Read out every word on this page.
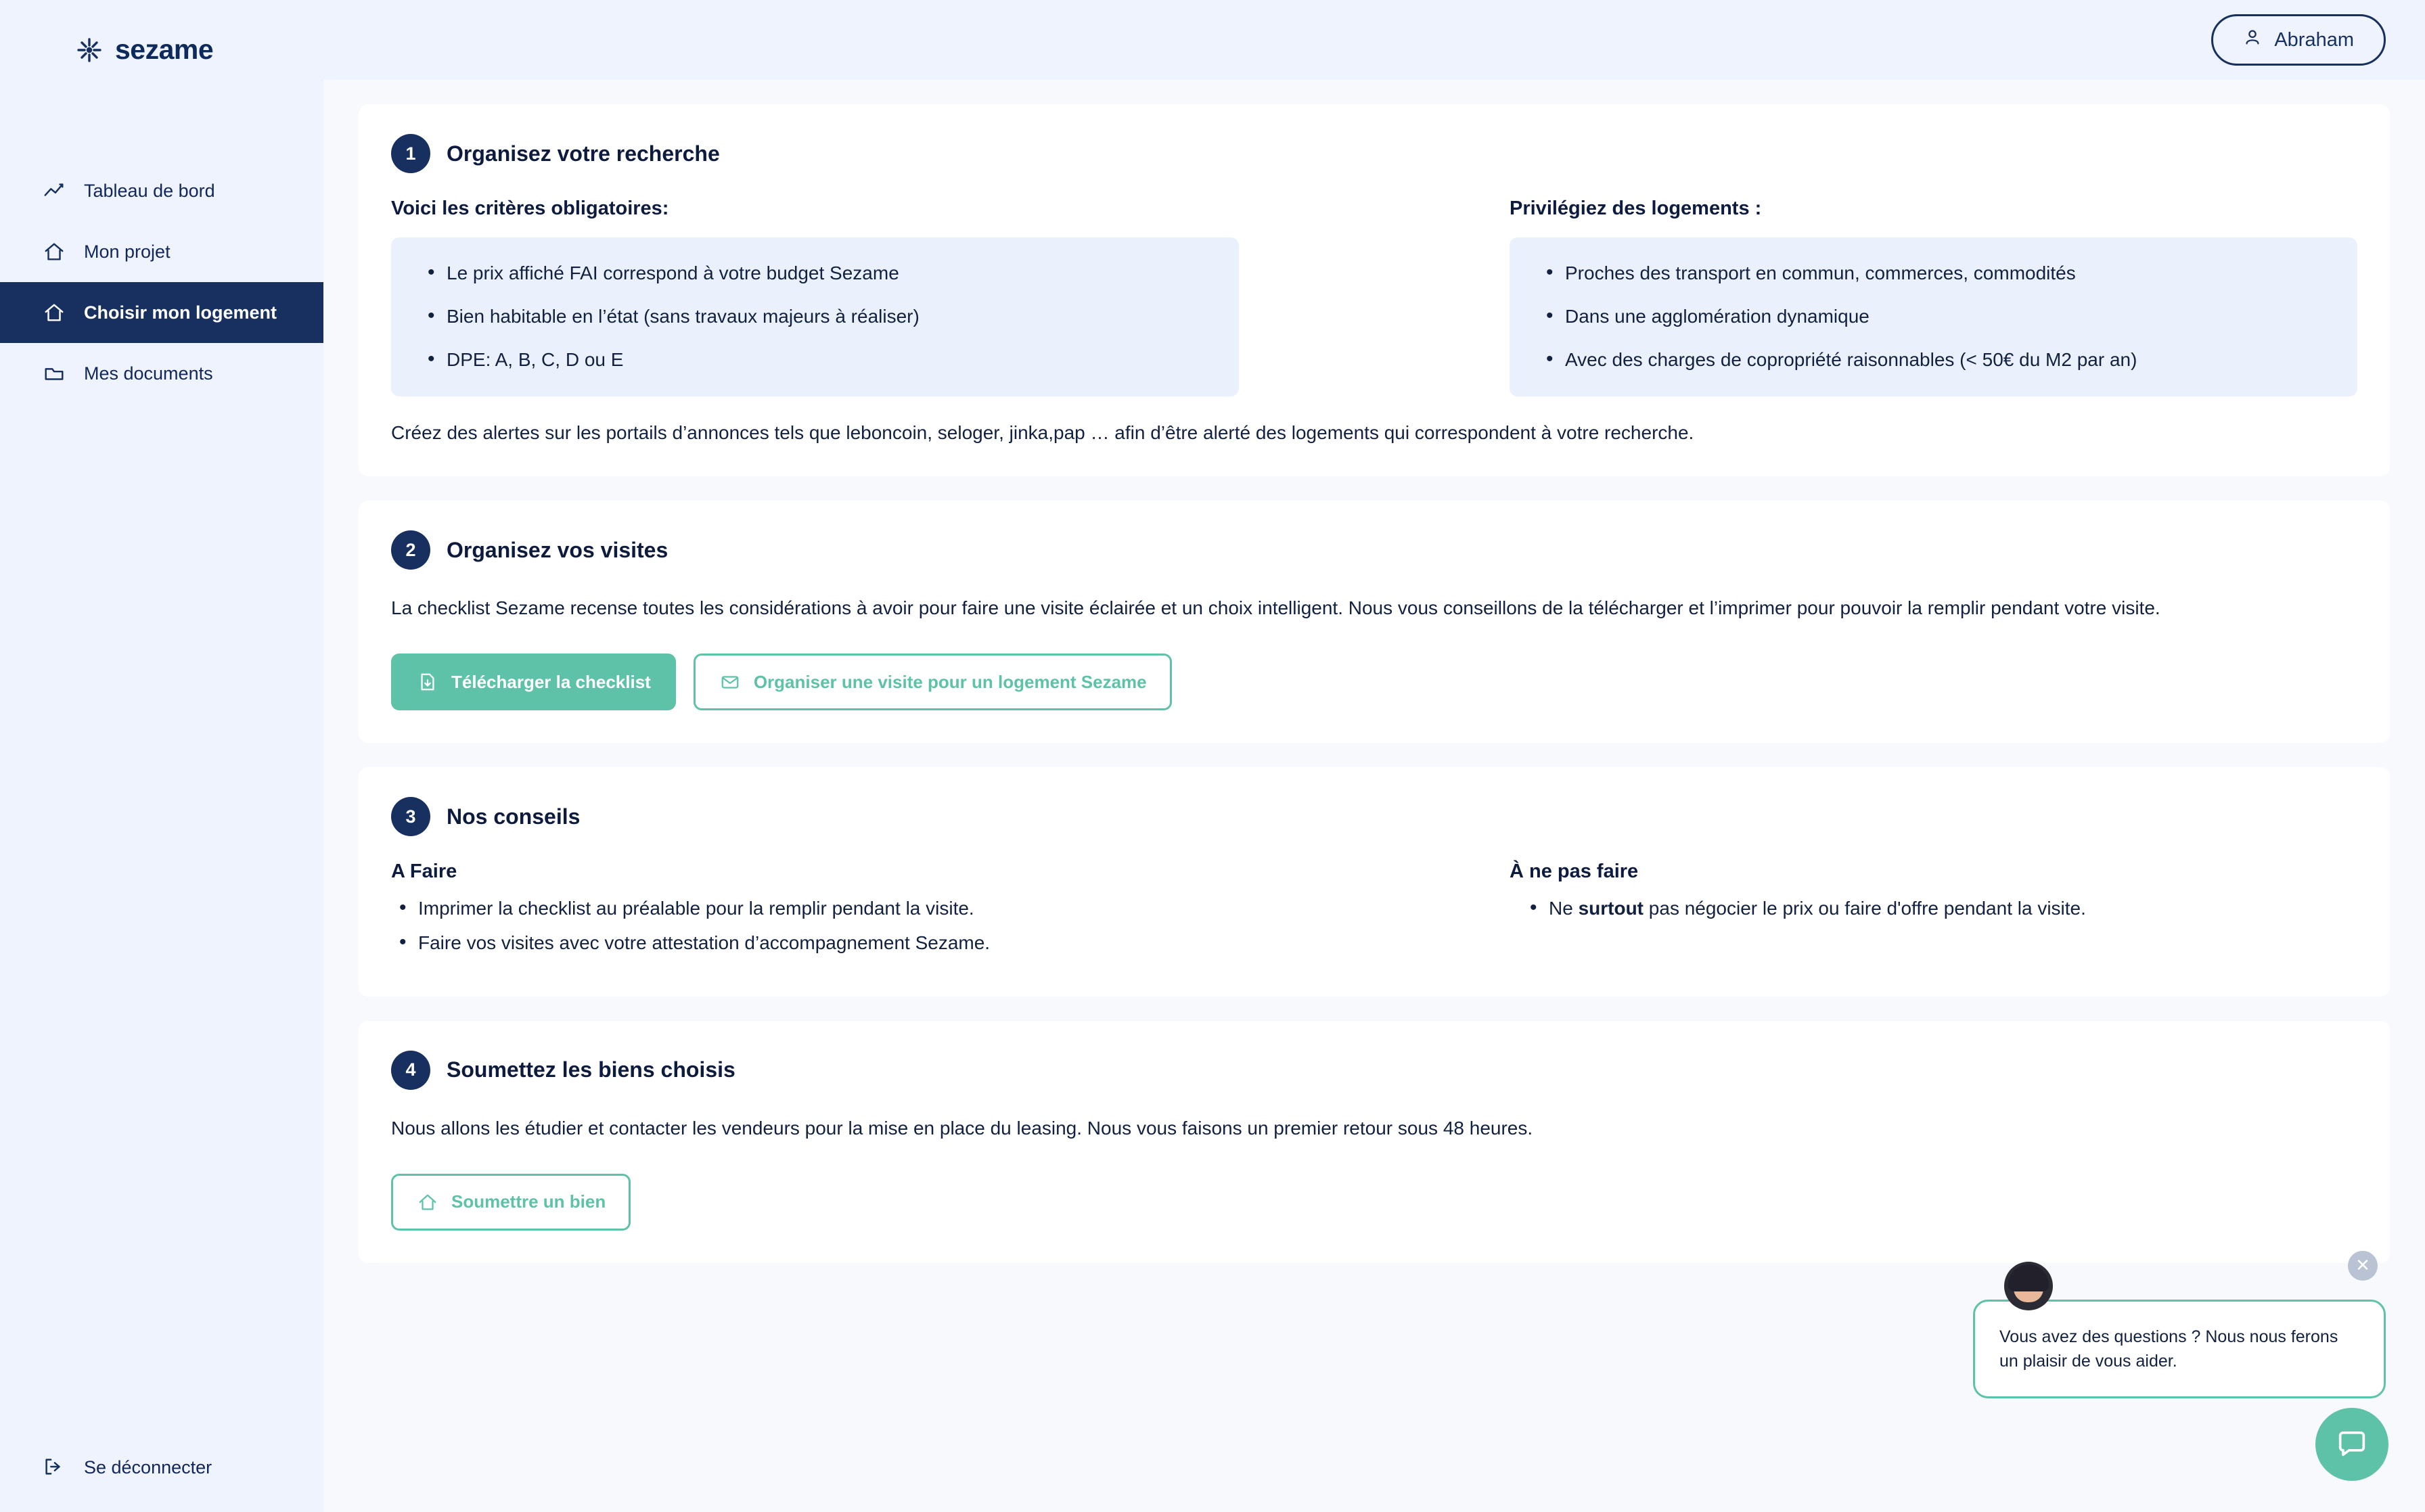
sezame
Tableau de bord
Mon projet
Choisir mon logement
Mes documents
Se déconnecter
Abraham
1	Organisez votre recherche
Voici les critères obligatoires:
• Le prix affiché FAI correspond à votre budget Sezame
• Bien habitable en l’état (sans travaux majeurs à réaliser)
• DPE: A, B, C, D ou E
Privilégiez des logements :
• Proches des transport en commun, commerces, commodités
• Dans une agglomération dynamique
• Avec des charges de copropriété raisonnables (< 50€ du M2 par an)
Créez des alertes sur les portails d’annonces tels que leboncoin, seloger, jinka,pap … afin d’être alerté des logements qui correspondent à votre recherche.
2	Organisez vos visites
La checklist Sezame recense toutes les considérations à avoir pour faire une visite éclairée et un choix intelligent. Nous vous conseillons de la télécharger et l’imprimer pour pouvoir la remplir pendant votre visite.
Télécharger la checklist	Organiser une visite pour un logement Sezame
3	Nos conseils
A Faire
• Imprimer la checklist au préalable pour la remplir pendant la visite.
• Faire vos visites avec votre attestation d’accompagnement Sezame.
À ne pas faire
• Ne surtout pas négocier le prix ou faire d'offre pendant la visite.
4	Soumettez les biens choisis
Nous allons les étudier et contacter les vendeurs pour la mise en place du leasing. Nous vous faisons un premier retour sous 48 heures.
Soumettre un bien
✕
Vous avez des questions ? Nous nous ferons un plaisir de vous aider.
